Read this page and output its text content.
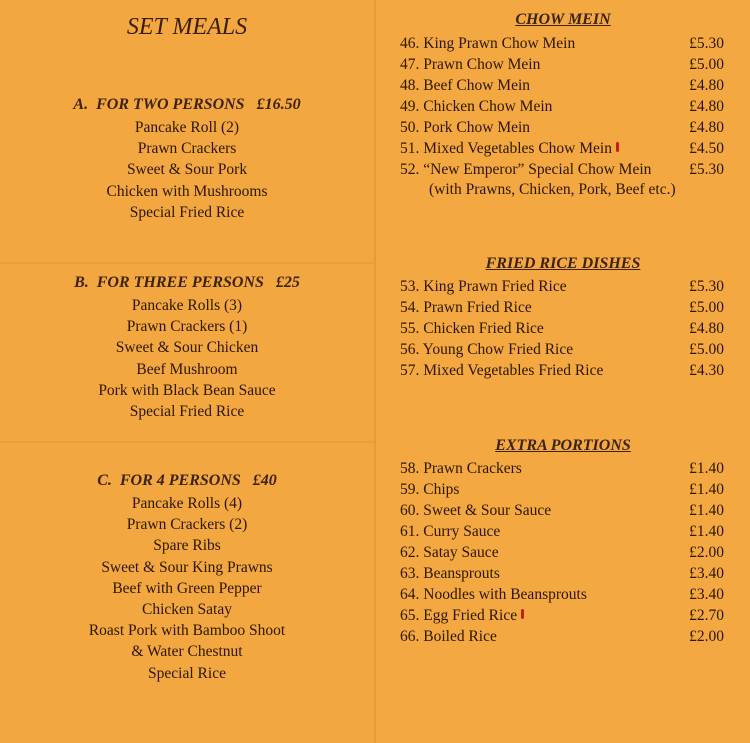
SET MEALS
A.  FOR TWO PERSONS   £16.50
Pancake Roll (2)
Prawn Crackers
Sweet & Sour Pork
Chicken with Mushrooms
Special Fried Rice
B.  FOR THREE PERSONS   £25
Pancake Rolls (3)
Prawn Crackers (1)
Sweet & Sour Chicken
Beef Mushroom
Pork with Black Bean Sauce
Special Fried Rice
C.  FOR 4 PERSONS   £40
Pancake Rolls (4)
Prawn Crackers (2)
Spare Ribs
Sweet & Sour King Prawns
Beef with Green Pepper
Chicken Satay
Roast Pork with Bamboo Shoot
& Water Chestnut
Special Rice
CHOW MEIN
46. King Prawn Chow Mein	£5.30
47. Prawn Chow Mein	£5.00
48. Beef Chow Mein	£4.80
49. Chicken Chow Mein	£4.80
50. Pork Chow Mein	£4.80
51. Mixed Vegetables Chow Mein	£4.50
52. “New Emperor” Special Chow Mein £5.30
(with Prawns, Chicken, Pork, Beef etc.)
FRIED RICE DISHES
53. King Prawn Fried Rice	£5.30
54. Prawn Fried Rice	£5.00
55. Chicken Fried Rice	£4.80
56. Young Chow Fried Rice	£5.00
57. Mixed Vegetables Fried Rice	£4.30
EXTRA PORTIONS
58. Prawn Crackers	£1.40
59. Chips	£1.40
60. Sweet & Sour Sauce	£1.40
61. Curry Sauce	£1.40
62. Satay Sauce	£2.00
63. Beansprouts	£3.40
64. Noodles with Beansprouts	£3.40
65. Egg Fried Rice	£2.70
66. Boiled Rice	£2.00
